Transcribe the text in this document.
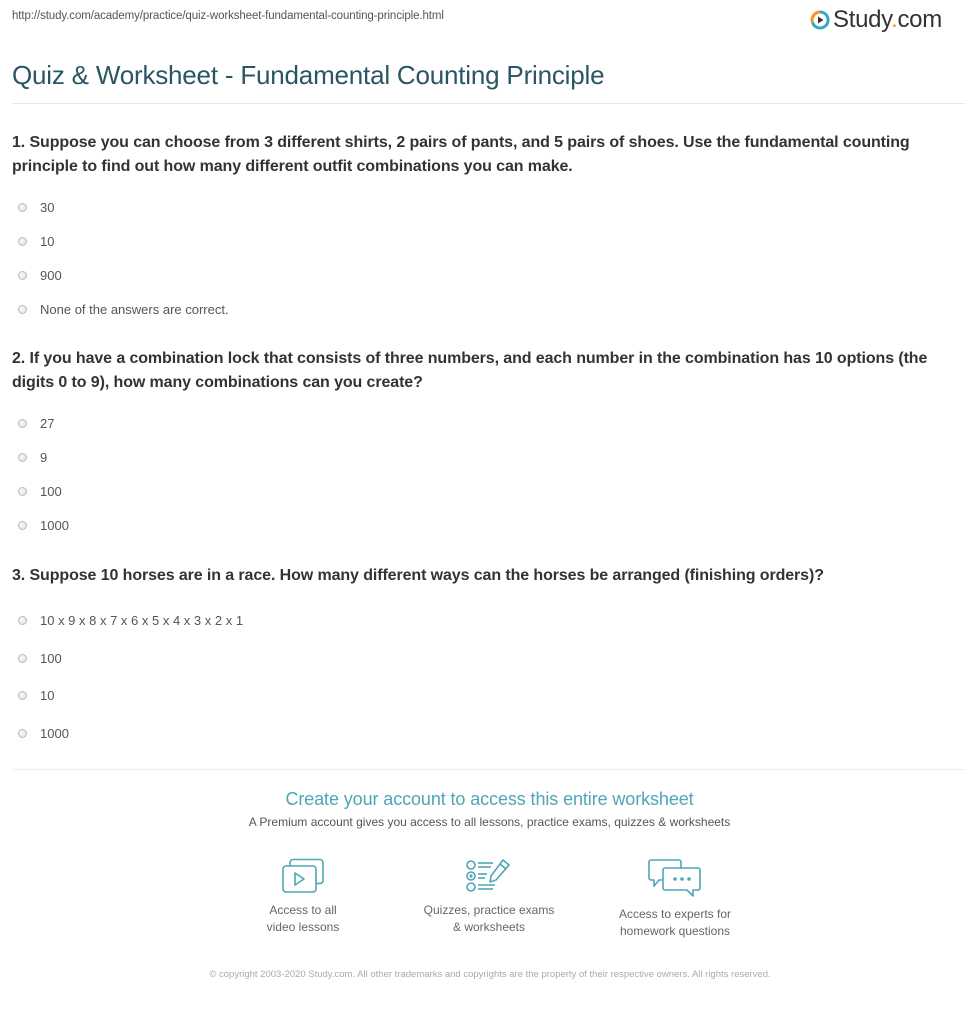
http://study.com/academy/practice/quiz-worksheet-fundamental-counting-principle.html	Study.com
Quiz & Worksheet - Fundamental Counting Principle
1. Suppose you can choose from 3 different shirts, 2 pairs of pants, and 5 pairs of shoes. Use the fundamental counting principle to find out how many different outfit combinations you can make.
30
10
900
None of the answers are correct.
2. If you have a combination lock that consists of three numbers, and each number in the combination has 10 options (the digits 0 to 9), how many combinations can you create?
27
9
100
1000
3. Suppose 10 horses are in a race. How many different ways can the horses be arranged (finishing orders)?
10 x 9 x 8 x 7 x 6 x 5 x 4 x 3 x 2 x 1
100
10
1000
Create your account to access this entire worksheet
A Premium account gives you access to all lessons, practice exams, quizzes & worksheets
Access to all
video lessons
Quizzes, practice exams
& worksheets
Access to experts for
homework questions
© copyright 2003-2020 Study.com. All other trademarks and copyrights are the property of their respective owners. All rights reserved.
